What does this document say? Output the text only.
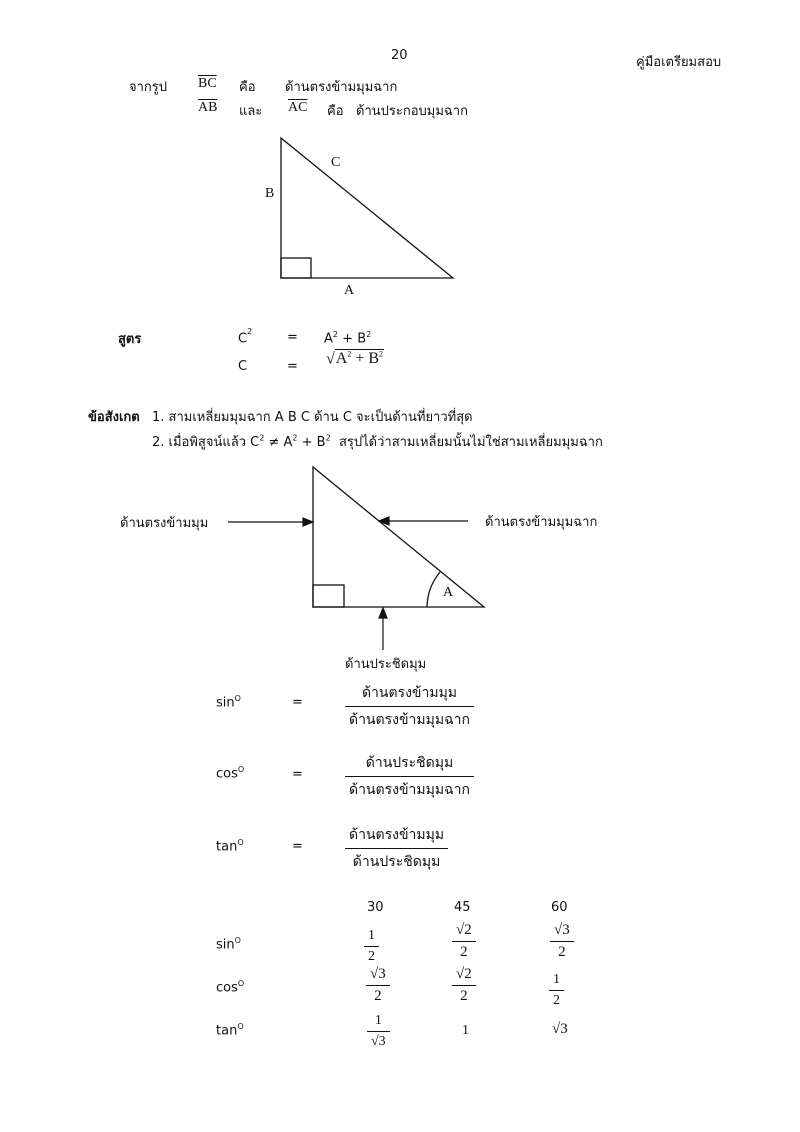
20	คู่มือเตรียมสอบ
จากรูป $\overline{BC}$ คือ ด้านตรงข้ามมุมฉาก
$\overline{AB}$ และ $\overline{AC}$ คือ ด้านประกอบมุมฉาก
C
B
A
สูตร	$C^2$	= $A^2 + B^2$
C	= $√A^2 + B^2$
ข้อสังเกต 1. สามเหลี่ยมมุมฉาก A B C ด้าน C จะเป็นด้านที่ยาวที่สุด
2. เมื่อพิสูจน์แล้ว $C^2 \ne A^2 + B^2$ สรุปได้ว่าสามเหลี่ยมนั้นไม่ใช่สามเหลี่ยมมุมฉาก
ด้านตรงข้ามมุม	ด้านตรงข้ามมุมฉาก
ด้านประชิดมุม
A
$\sin^O$	=
ด้านตรงข้ามมุม
ด้านตรงข้ามมุมฉาก
$\cos^O$	=
ด้านประชิดมุม
ด้านตรงข้ามมุมฉาก
$\tan^O$	=
ด้านตรงข้ามมุม
ด้านประชิดมุม
30	45	60
$\sin^O$	$\frac{1}{2}$	$\frac{√2}{2}$	$\frac{√3}{2}$
$\cos^O$	$\frac{√3}{2}$	$\frac{√2}{2}$	$\frac{1}{2}$
$\tan^O$	$\frac{1}{√3}$	1	√3
